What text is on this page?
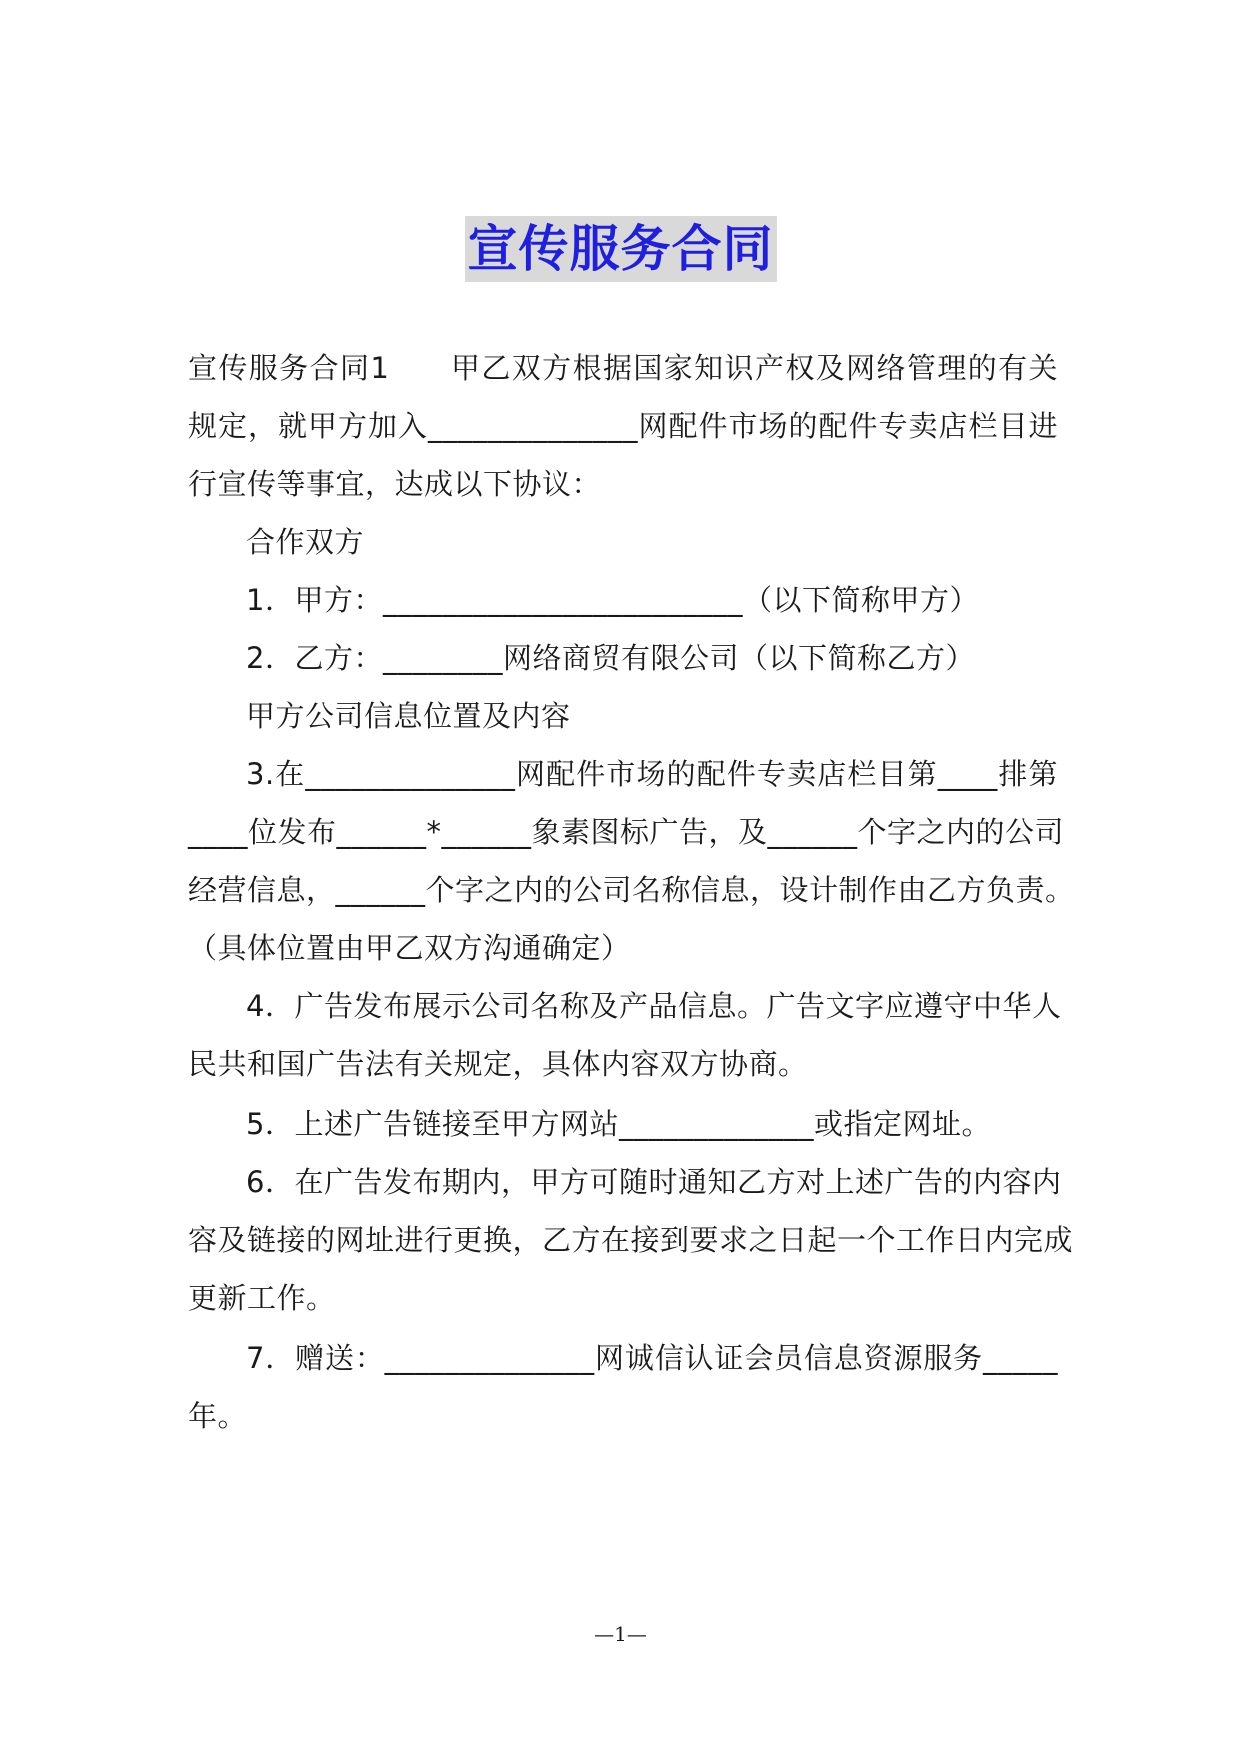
宣传服务合同
宣传服务合同1　　甲乙双方根据国家知识产权及网络管理的有关
规定，就甲方加入______________网配件市场的配件专卖店栏目进
行宣传等事宜，达成以下协议：
合作双方
1．甲方：________________________（以下简称甲方）
2．乙方：________网络商贸有限公司（以下简称乙方）
甲方公司信息位置及内容
3.在______________网配件市场的配件专卖店栏目第____排第
____位发布______*______象素图标广告，及______个字之内的公司
经营信息，______个字之内的公司名称信息，设计制作由乙方负责。
（具体位置由甲乙双方沟通确定）
4．广告发布展示公司名称及产品信息。广告文字应遵守中华人
民共和国广告法有关规定，具体内容双方协商。
5．上述广告链接至甲方网站_____________或指定网址。
6．在广告发布期内，甲方可随时通知乙方对上述广告的内容内
容及链接的网址进行更换，乙方在接到要求之日起一个工作日内完成
更新工作。
7．赠送：______________网诚信认证会员信息资源服务_____
年。
—1—
